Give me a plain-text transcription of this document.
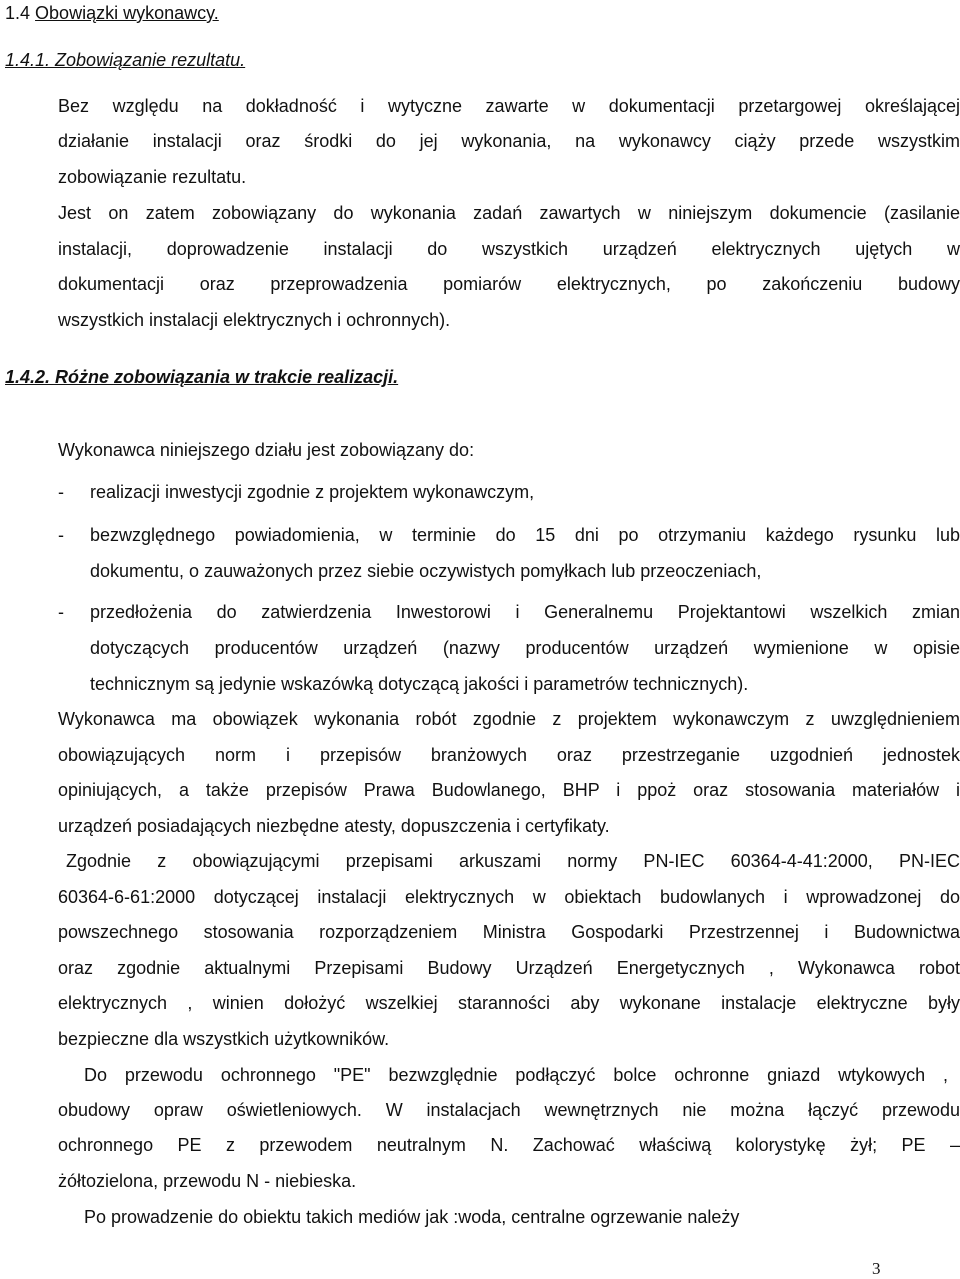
1.4 Obowiązki wykonawcy.
1.4.1. Zobowiązanie rezultatu.
Bez względu na dokładność i wytyczne zawarte w dokumentacji przetargowej określającej
działanie instalacji oraz środki do jej wykonania, na wykonawcy ciąży przede wszystkim
zobowiązanie rezultatu.
Jest on zatem zobowiązany do wykonania zadań zawartych w niniejszym dokumencie (zasilanie
instalacji, doprowadzenie instalacji do wszystkich urządzeń elektrycznych ujętych w
dokumentacji oraz przeprowadzenia pomiarów elektrycznych, po zakończeniu budowy
wszystkich instalacji elektrycznych i ochronnych).
1.4.2. Różne zobowiązania w trakcie realizacji.
Wykonawca niniejszego działu jest zobowiązany do:
- realizacji inwestycji zgodnie z projektem wykonawczym,
- bezwzględnego powiadomienia, w terminie do 15 dni po otrzymaniu każdego rysunku lub
dokumentu, o zauważonych przez siebie oczywistych pomyłkach lub przeoczeniach,
- przedłożenia do zatwierdzenia Inwestorowi i Generalnemu Projektantowi wszelkich zmian
dotyczących producentów urządzeń (nazwy producentów urządzeń wymienione w opisie
technicznym są jedynie wskazówką dotyczącą jakości i parametrów technicznych).
Wykonawca ma obowiązek wykonania robót zgodnie z projektem wykonawczym z uwzględnieniem
obowiązujących norm i przepisów branżowych oraz przestrzeganie uzgodnień jednostek
opiniujących, a także przepisów Prawa Budowlanego, BHP i ppoż oraz stosowania materiałów i
urządzeń posiadających niezbędne atesty, dopuszczenia i certyfikaty.
Zgodnie z obowiązującymi przepisami arkuszami normy PN-IEC 60364-4-41:2000, PN-IEC
60364-6-61:2000 dotyczącej instalacji elektrycznych w obiektach budowlanych i wprowadzonej do
powszechnego stosowania rozporządzeniem Ministra Gospodarki Przestrzennej i Budownictwa
oraz zgodnie aktualnymi Przepisami Budowy Urządzeń Energetycznych , Wykonawca robot
elektrycznych , winien dołożyć wszelkiej staranności aby wykonane instalacje elektryczne były
bezpieczne dla wszystkich użytkowników.
Do przewodu ochronnego "PE" bezwzględnie podłączyć bolce ochronne gniazd wtykowych ,
obudowy opraw oświetleniowych. W instalacjach wewnętrznych nie można łączyć przewodu
ochronnego PE z przewodem neutralnym N. Zachować właściwą kolorystykę żył; PE –
żółtozielona, przewodu N - niebieska.
Po prowadzenie do obiektu takich mediów jak :woda, centralne ogrzewanie należy
3
